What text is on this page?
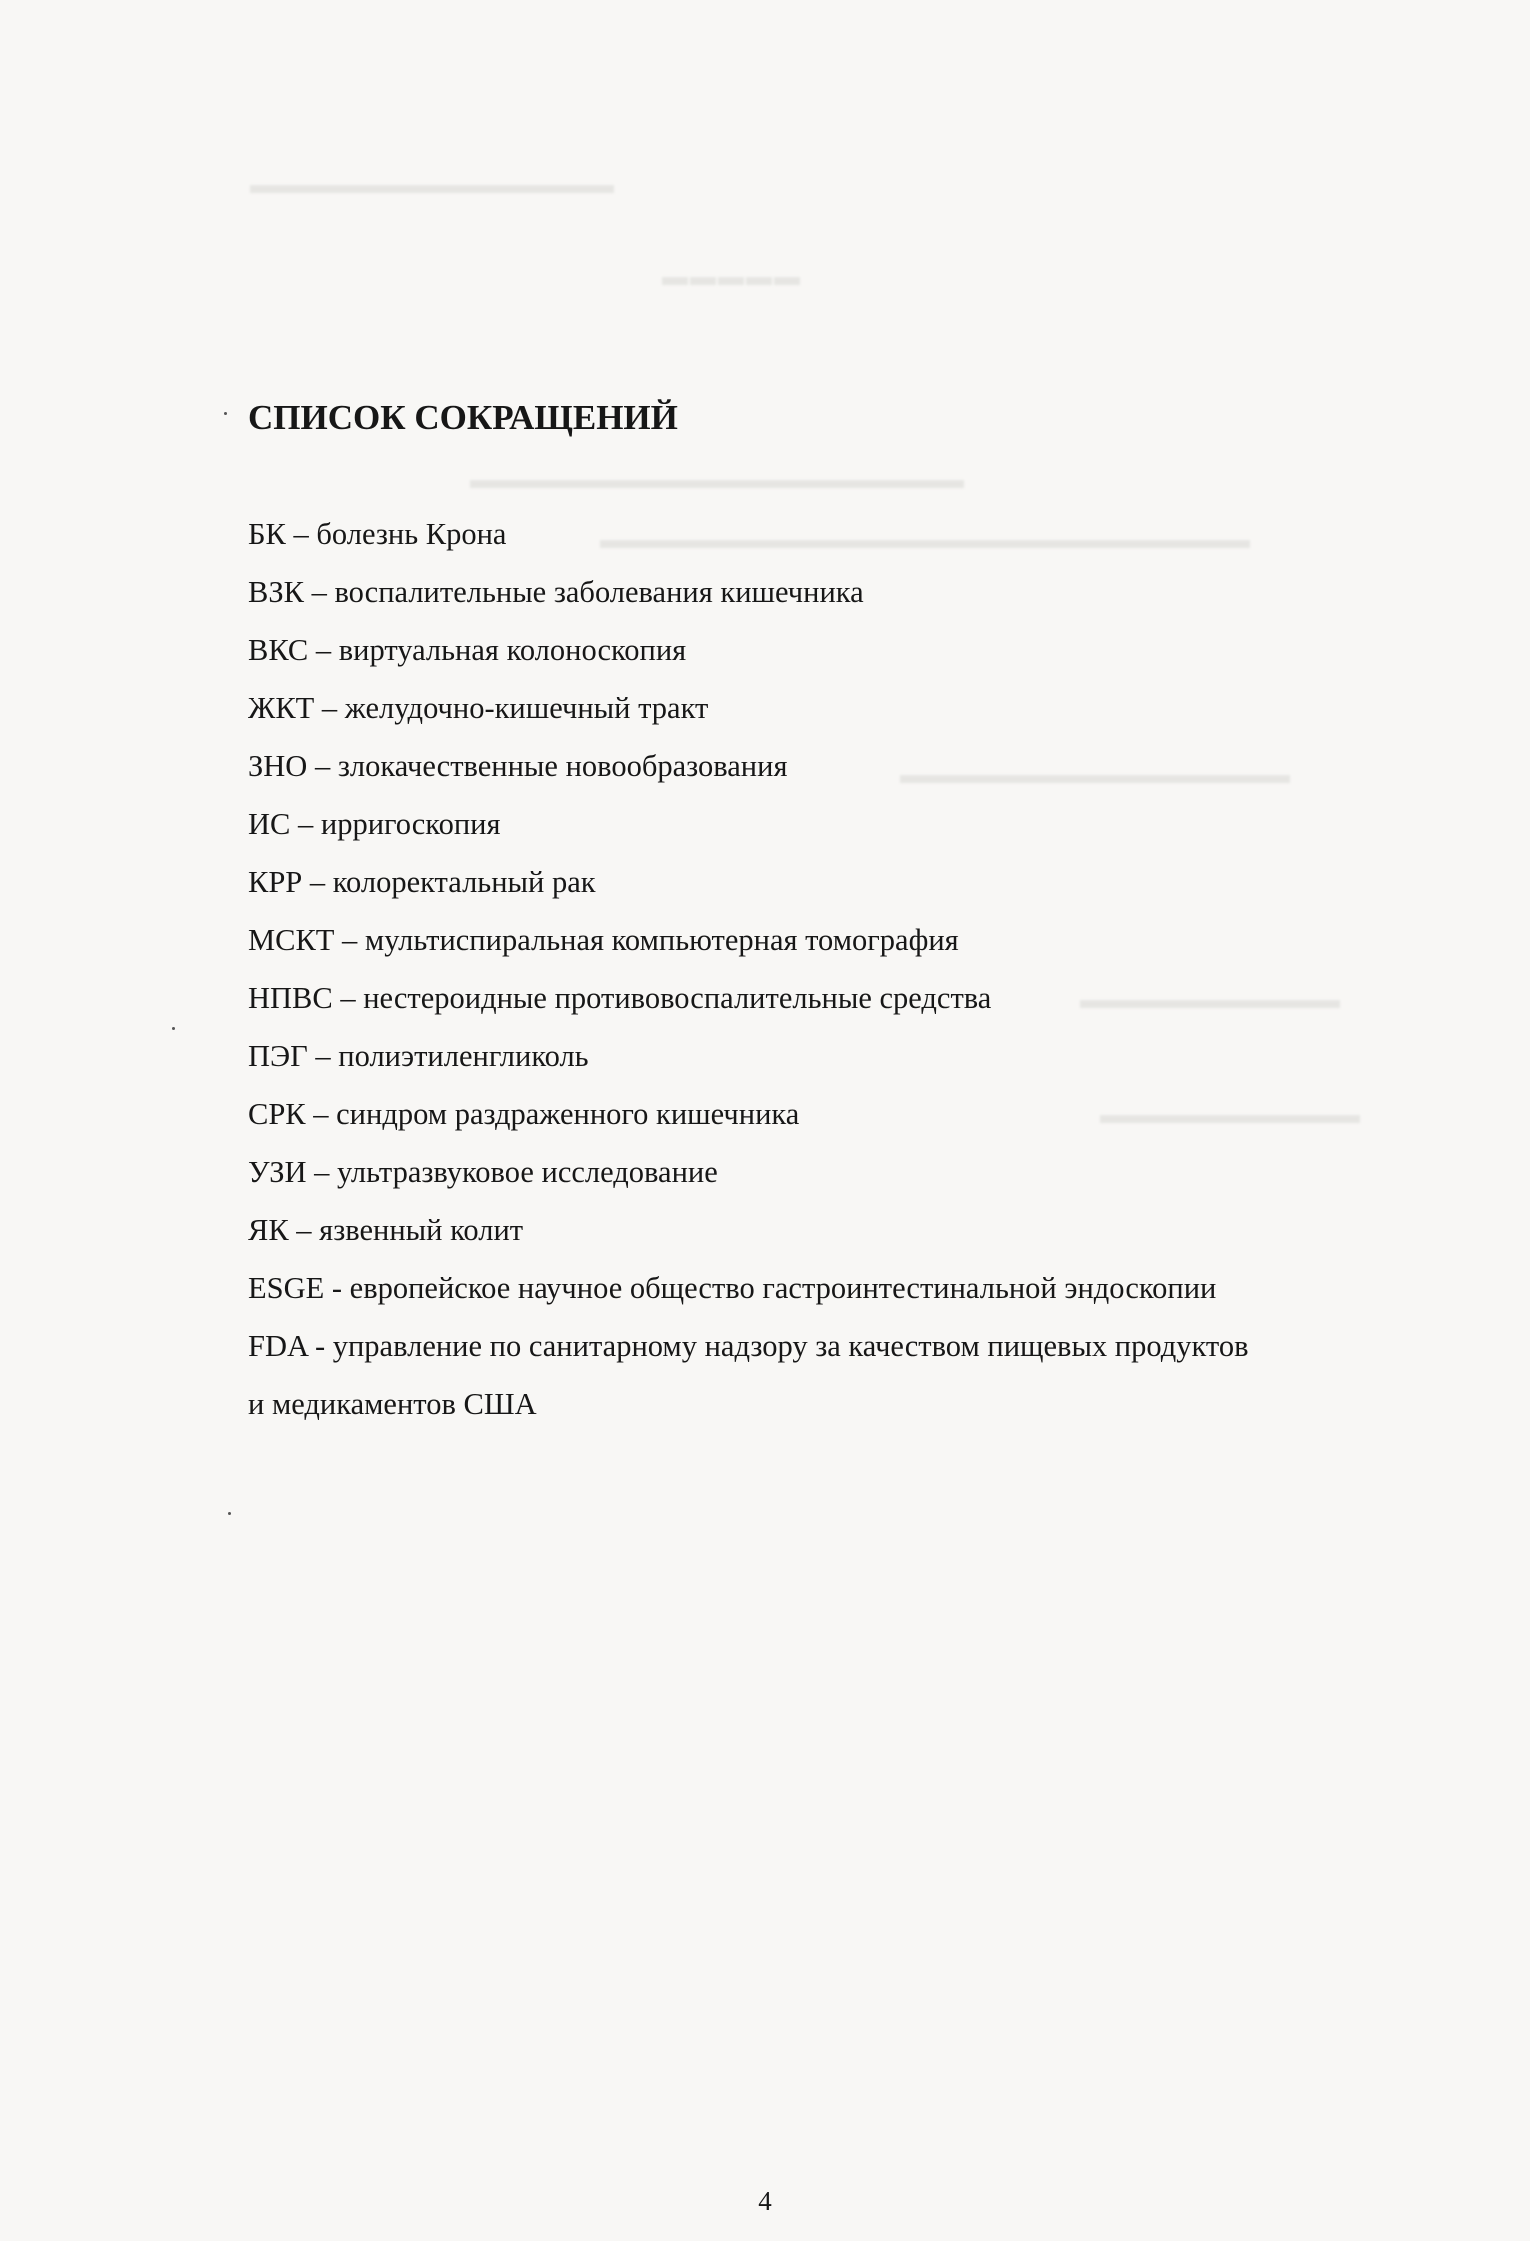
▬▬▬▬▬
▬▬▬▬▬▬▬▬▬▬▬▬▬▬
▬▬▬▬▬▬▬▬▬▬▬▬▬▬▬▬▬▬▬
▬▬▬▬▬▬▬▬▬▬▬▬▬▬▬▬▬▬▬▬▬▬▬▬▬
▬▬▬▬▬▬▬▬▬▬▬▬▬▬▬
▬▬▬▬▬▬▬▬▬▬
▬▬▬▬▬▬▬▬▬▬
СПИСОК СОКРАЩЕНИЙ
БК – болезнь Крона
ВЗК – воспалительные заболевания кишечника
ВКС – виртуальная колоноскопия
ЖКТ – желудочно-кишечный тракт
ЗНО – злокачественные новообразования
ИС – ирригоскопия
КРР – колоректальный рак
МСКТ – мультиспиральная компьютерная томография
НПВС – нестероидные противовоспалительные средства
ПЭГ – полиэтиленгликоль
СРК – синдром раздраженного кишечника
УЗИ – ультразвуковое исследование
ЯК – язвенный колит
ESGE - европейское научное общество гастроинтестинальной эндоскопии
FDA - управление по санитарному надзору за качеством пищевых продуктов
и медикаментов США
4
